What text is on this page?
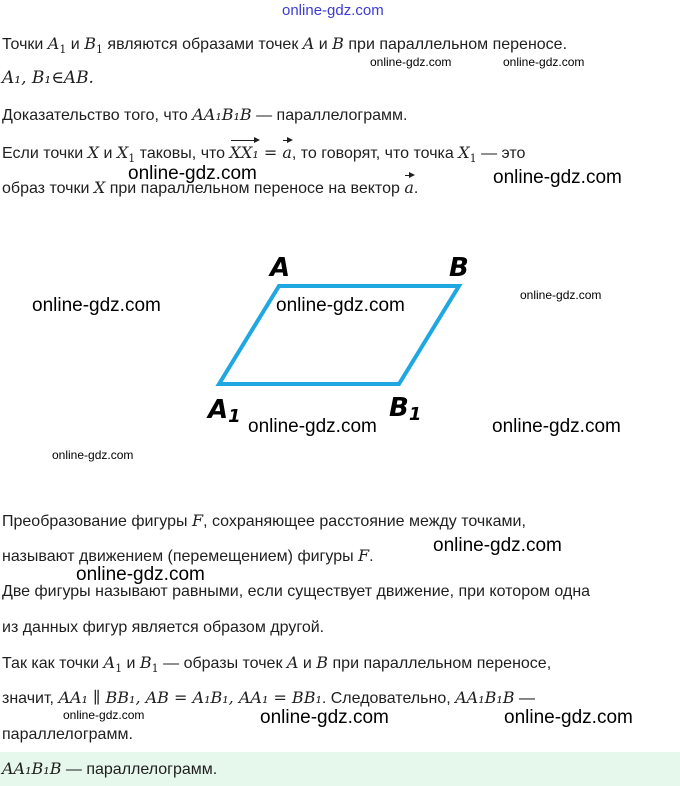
online-gdz.com
Точки $A_1$ и $B_1$ являются образами точек A и B при параллельном переносе.
online-gdz.com	online-gdz.com
A₁, B₁∈AB.
Доказательство того, что AA₁B₁B — параллелограмм.
Если точки X и $X_1$ таковы, что XX₁ = a, то говорят, что точка $X_1$ — это
online-gdz.com
образ точки X при параллельном переносе на вектор a.
online-gdz.com
A	B
A1	B1
online-gdz.com	online-gdz.com	online-gdz.com
online-gdz.com	online-gdz.com
online-gdz.com
Преобразование фигуры F, сохраняющее расстояние между точками,
называют движением (перемещением) фигуры F.
online-gdz.com
online-gdz.com
Две фигуры называют равными, если существует движение, при котором одна
из данных фигур является образом другой.
Так как точки $A_1$ и $B_1$ — образы точек A и B при параллельном переносе,
значит, AA₁ ∥ BB₁, AB = A₁B₁, AA₁ = BB₁. Следовательно, AA₁B₁B —
online-gdz.com	online-gdz.com	online-gdz.com
параллелограмм.
AA₁B₁B — параллелограмм.
